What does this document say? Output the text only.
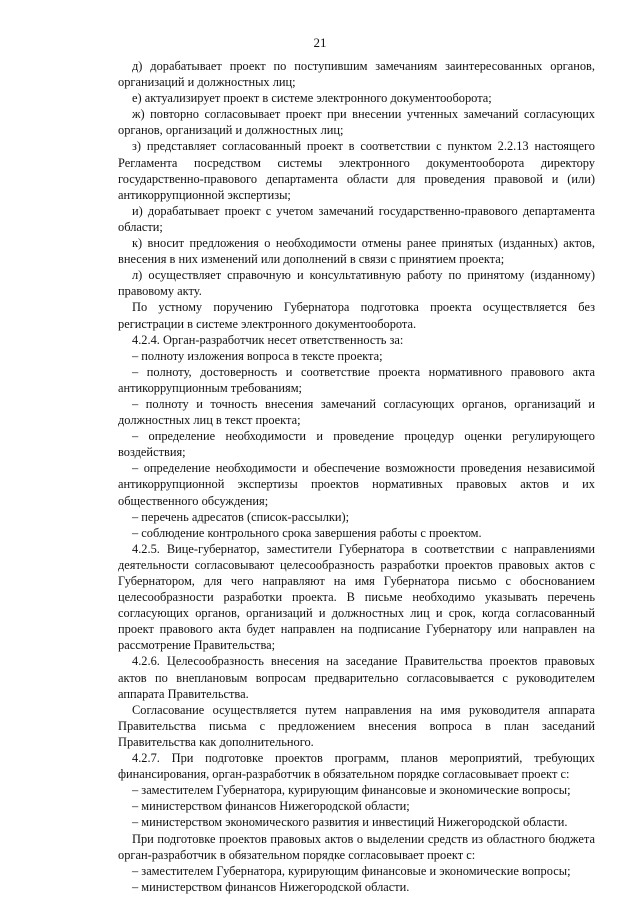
21

д) дорабатывает проект по поступившим замечаниям заинтересованных органов, организаций и должностных лиц;

е) актуализирует проект в системе электронного документооборота;

ж) повторно согласовывает проект при внесении учтенных замечаний согласующих органов, организаций и должностных лиц;

з) представляет согласованный проект в соответствии с пунктом 2.2.13 настоящего Регламента посредством системы электронного документооборота директору государственно-правового департамента области для проведения правовой и (или) антикоррупционной экспертизы;

и) дорабатывает проект с учетом замечаний государственно-правового департамента области;

к) вносит предложения о необходимости отмены ранее принятых (изданных) актов, внесения в них изменений или дополнений в связи с принятием проекта;

л) осуществляет справочную и консультативную работу по принятому (изданному) правовому акту.

По устному поручению Губернатора подготовка проекта осуществляется без регистрации в системе электронного документооборота.

4.2.4. Орган-разработчик несет ответственность за:

– полноту изложения вопроса в тексте проекта;

– полноту, достоверность и соответствие проекта нормативного правового акта антикоррупционным требованиям;

– полноту и точность внесения замечаний согласующих органов, организаций и должностных лиц в текст проекта;

– определение необходимости и проведение процедур оценки регулирующего воздействия;

– определение необходимости и обеспечение возможности проведения независимой антикоррупционной экспертизы проектов нормативных правовых актов и их общественного обсуждения;

– перечень адресатов (список-рассылки);

– соблюдение контрольного срока завершения работы с проектом.

4.2.5. Вице-губернатор, заместители Губернатора в соответствии с направлениями деятельности согласовывают целесообразность разработки проектов правовых актов с Губернатором, для чего направляют на имя Губернатора письмо с обоснованием целесообразности разработки проекта. В письме необходимо указывать перечень согласующих органов, организаций и должностных лиц и срок, когда согласованный проект правового акта будет направлен на подписание Губернатору или направлен на рассмотрение Правительства;

4.2.6. Целесообразность внесения на заседание Правительства проектов правовых актов по внеплановым вопросам предварительно согласовывается с руководителем аппарата Правительства.

Согласование осуществляется путем направления на имя руководителя аппарата Правительства письма с предложением внесения вопроса в план заседаний Правительства как дополнительного.

4.2.7. При подготовке проектов программ, планов мероприятий, требующих финансирования, орган-разработчик в обязательном порядке согласовывает проект с:

– заместителем Губернатора, курирующим финансовые и экономические вопросы;

– министерством финансов Нижегородской области;

– министерством экономического развития и инвестиций Нижегородской области.

При подготовке проектов правовых актов о выделении средств из областного бюджета орган-разработчик в обязательном порядке согласовывает проект с:

– заместителем Губернатора, курирующим финансовые и экономические вопросы;

– министерством финансов Нижегородской области.
